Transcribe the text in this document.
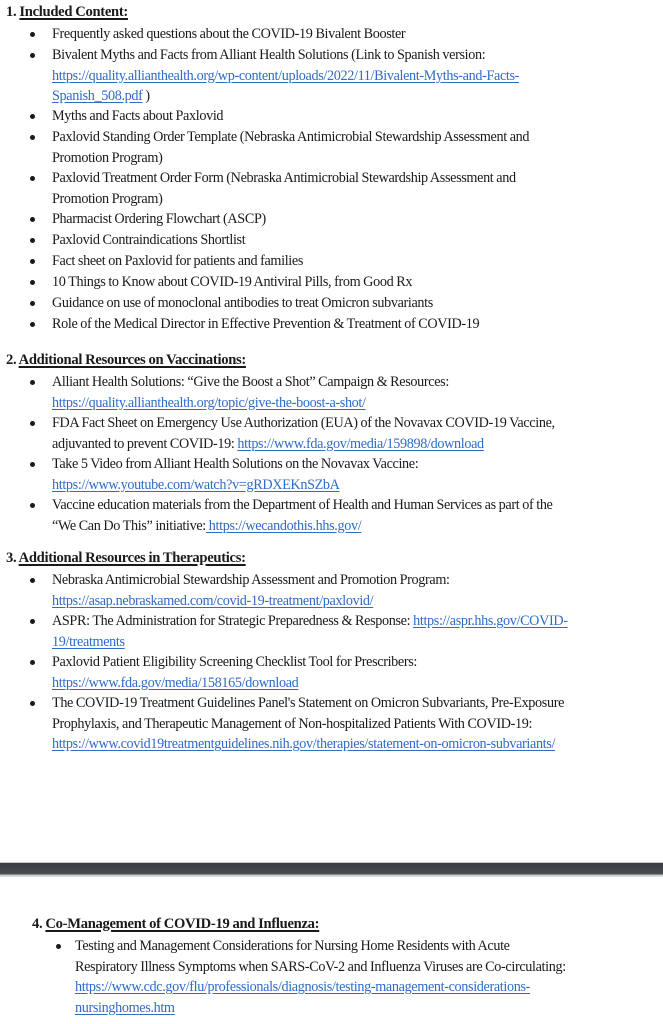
1. Included Content:
Frequently asked questions about the COVID-19 Bivalent Booster
Bivalent Myths and Facts from Alliant Health Solutions (Link to Spanish version:
https://quality.allianthealth.org/wp-content/uploads/2022/11/Bivalent-Myths-and-Facts-
Spanish_508.pdf )
Myths and Facts about Paxlovid
Paxlovid Standing Order Template (Nebraska Antimicrobial Stewardship Assessment and
Promotion Program)
Paxlovid Treatment Order Form (Nebraska Antimicrobial Stewardship Assessment and
Promotion Program)
Pharmacist Ordering Flowchart (ASCP)
Paxlovid Contraindications Shortlist
Fact sheet on Paxlovid for patients and families
10 Things to Know about COVID-19 Antiviral Pills, from Good Rx
Guidance on use of monoclonal antibodies to treat Omicron subvariants
Role of the Medical Director in Effective Prevention & Treatment of COVID-19
2. Additional Resources on Vaccinations:
Alliant Health Solutions: “Give the Boost a Shot” Campaign & Resources:
https://quality.allianthealth.org/topic/give-the-boost-a-shot/
FDA Fact Sheet on Emergency Use Authorization (EUA) of the Novavax COVID-19 Vaccine,
adjuvanted to prevent COVID-19: https://www.fda.gov/media/159898/download
Take 5 Video from Alliant Health Solutions on the Novavax Vaccine:
https://www.youtube.com/watch?v=gRDXEKnSZbA
Vaccine education materials from the Department of Health and Human Services as part of the
“We Can Do This” initiative: https://wecandothis.hhs.gov/
3. Additional Resources in Therapeutics:
Nebraska Antimicrobial Stewardship Assessment and Promotion Program:
https://asap.nebraskamed.com/covid-19-treatment/paxlovid/
ASPR: The Administration for Strategic Preparedness & Response: https://aspr.hhs.gov/COVID-
19/treatments
Paxlovid Patient Eligibility Screening Checklist Tool for Prescribers:
https://www.fda.gov/media/158165/download
The COVID-19 Treatment Guidelines Panel's Statement on Omicron Subvariants, Pre-Exposure
Prophylaxis, and Therapeutic Management of Non-hospitalized Patients With COVID-19:
https://www.covid19treatmentguidelines.nih.gov/therapies/statement-on-omicron-subvariants/
4. Co-Management of COVID-19 and Influenza:
Testing and Management Considerations for Nursing Home Residents with Acute
Respiratory Illness Symptoms when SARS-CoV-2 and Influenza Viruses are Co-circulating:
https://www.cdc.gov/flu/professionals/diagnosis/testing-management-considerations-
nursinghomes.htm
